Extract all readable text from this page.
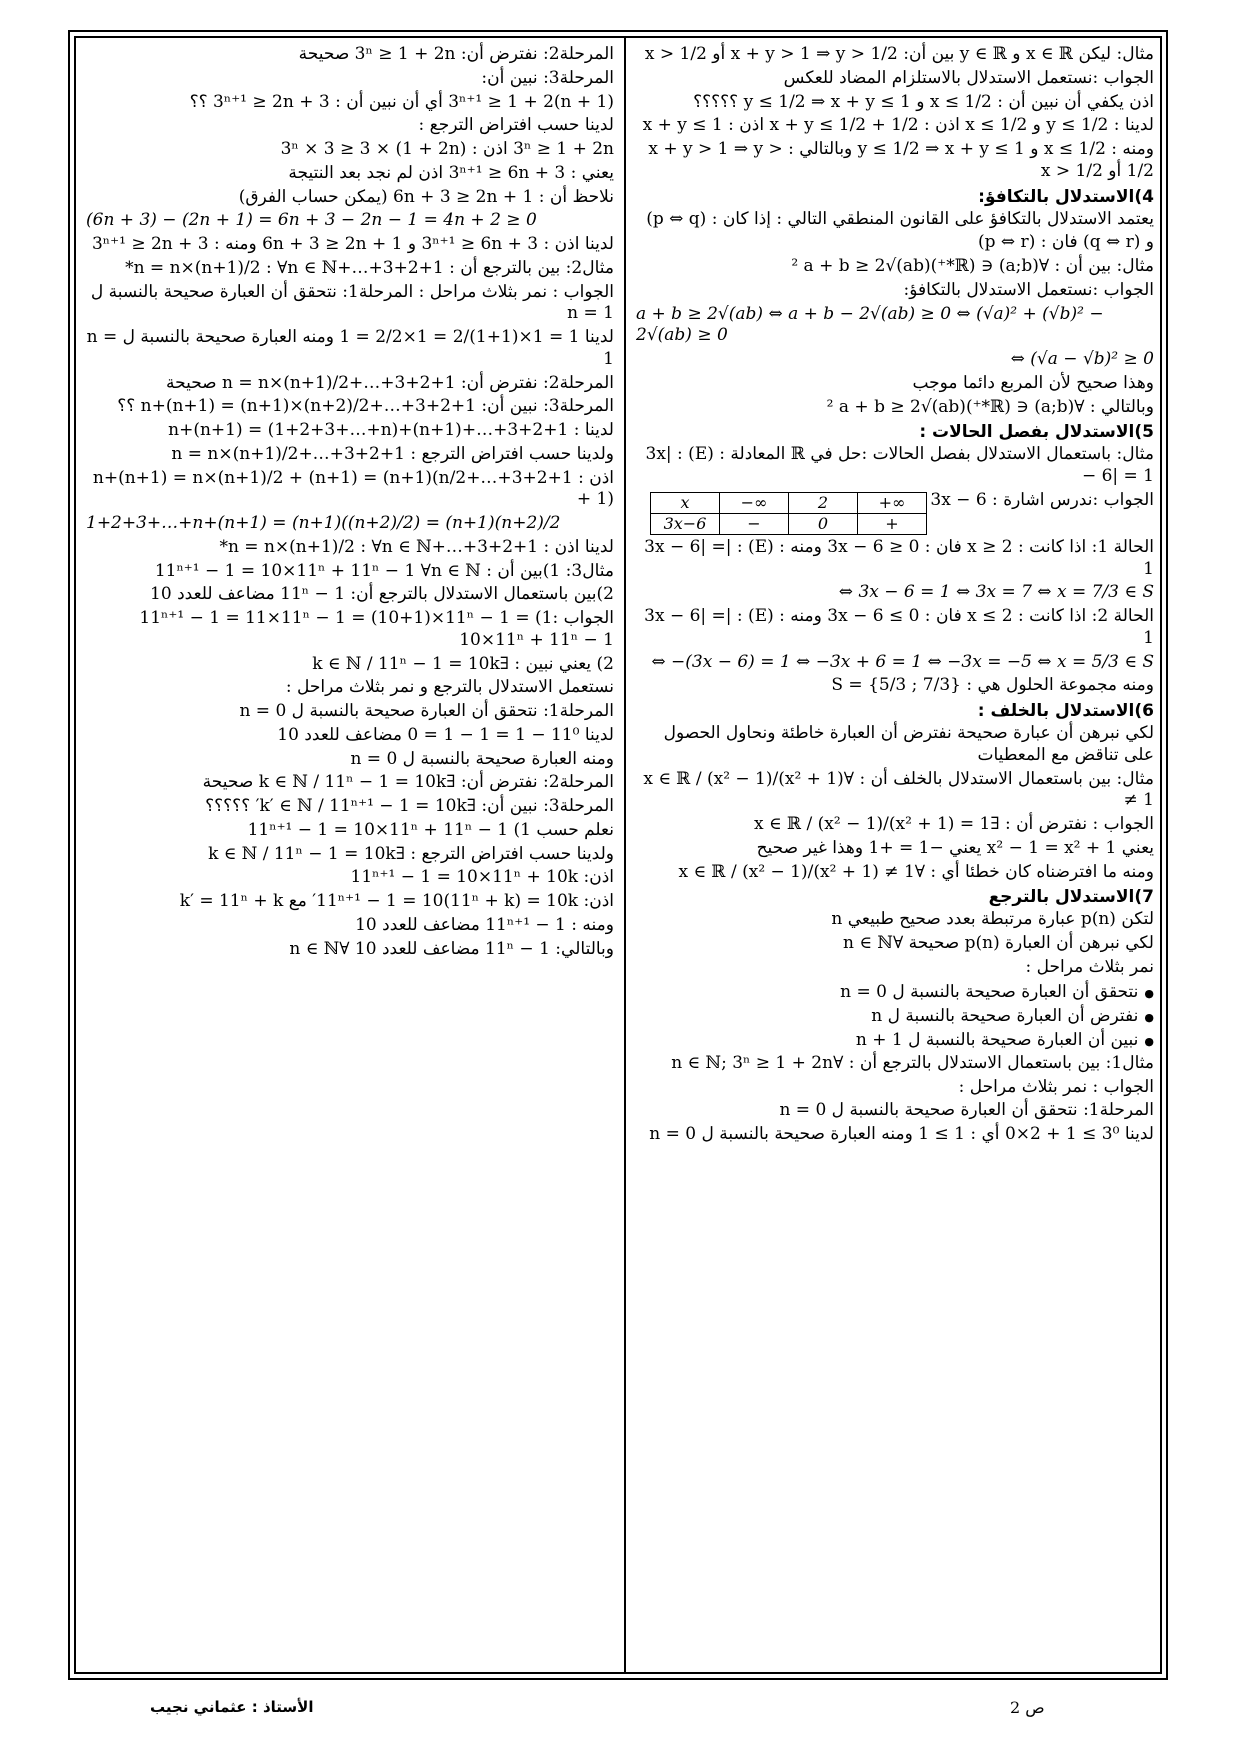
مثال: ليكن x ∈ ℝ و y ∈ ℝ بين أن: x + y > 1 ⇒ y > 1/2 أو x > 1/2
الجواب :نستعمل الاستدلال بالاستلزام المضاد للعكس
اذن يكفي أن نبين أن : x ≤ 1/2 و y ≤ 1/2 ⇒ x + y ≤ 1 ؟؟؟؟؟
لدينا : y ≤ 1/2 و x ≤ 1/2 اذن : x + y ≤ 1/2 + 1/2 اذن : x + y ≤ 1
ومنه : x ≤ 1/2 و y ≤ 1/2 ⇒ x + y ≤ 1 وبالتالي : x + y > 1 ⇒ y > 1/2 أو x > 1/2
4)الاستدلال بالتكافؤ:
يعتمد الاستدلال بالتكافؤ على القانون المنطقي التالي : إذا كان : (p ⇔ q)
و (q ⇔ r) فان : (p ⇔ r)
مثال: بين أن : ∀(a;b) ∈ (ℝ*⁺)² a + b ≥ 2√(ab)
الجواب :نستعمل الاستدلال بالتكافؤ:
a + b ≥ 2√(ab) ⇔ a + b − 2√(ab) ≥ 0 ⇔ (√a)² + (√b)² − 2√(ab) ≥ 0
⇔ (√a − √b)² ≥ 0
وهذا صحيح لأن المربع دائما موجب
وبالتالي : ∀(a;b) ∈ (ℝ*⁺)² a + b ≥ 2√(ab)
5)الاستدلال بفصل الحالات :
مثال: باستعمال الاستدلال بفصل الحالات :حل في ℝ المعادلة : (E) : |3x − 6| = 1
x	−∞	2	+∞
3x−6	−	0	+
الجواب :ندرس اشارة : 3x − 6
الحالة 1: اذا كانت : x ≥ 2 فان : 3x − 6 ≥ 0 ومنه : (E) : |3x − 6| = 1
⇔ 3x − 6 = 1 ⇔ 3x = 7 ⇔ x = 7/3 ∈ S
الحالة 2: اذا كانت : x ≤ 2 فان : 3x − 6 ≤ 0 ومنه : (E) : |3x − 6| = 1
⇔ −(3x − 6) = 1 ⇔ −3x + 6 = 1 ⇔ −3x = −5 ⇔ x = 5/3 ∈ S
ومنه مجموعة الحلول هي : S = {5/3 ; 7/3}
6)الاستدلال بالخلف :
لكي نبرهن أن عبارة صحيحة نفترض أن العبارة خاطئة ونحاول الحصول على تناقض مع المعطيات
مثال: بين باستعمال الاستدلال بالخلف أن : ∀x ∈ ℝ / (x² − 1)/(x² + 1) ≠ 1
الجواب : نفترض أن : ∃x ∈ ℝ / (x² − 1)/(x² + 1) = 1
يعني x² − 1 = x² + 1 يعني −1 = +1 وهذا غير صحيح
ومنه ما افترضناه كان خطئا أي : ∀x ∈ ℝ / (x² − 1)/(x² + 1) ≠ 1
7)الاستدلال بالترجع
لتكن p(n) عبارة مرتبطة بعدد صحيح طبيعي n
لكي نبرهن أن العبارة p(n) صحيحة ∀n ∈ ℕ
نمر بثلاث مراحل :
● نتحقق أن العبارة صحيحة بالنسبة ل n = 0
● نفترض أن العبارة صحيحة بالنسبة ل n
● نبين أن العبارة صحيحة بالنسبة ل n + 1
مثال1: بين باستعمال الاستدلال بالترجع أن : ∀n ∈ ℕ; 3ⁿ ≥ 1 + 2n
الجواب : نمر بثلاث مراحل :
المرحلة1: نتحقق أن العبارة صحيحة بالنسبة ل n = 0
لدينا 3⁰ ≥ 1 + 2×0 أي : 1 ≥ 1 ومنه العبارة صحيحة بالنسبة ل n = 0
المرحلة2: نفترض أن: 3ⁿ ≥ 1 + 2n صحيحة
المرحلة3: نبين أن:
3ⁿ⁺¹ ≥ 1 + 2(n + 1) أي أن نبين أن : 3ⁿ⁺¹ ≥ 2n + 3 ؟؟
لدينا حسب افتراض الترجع :
3ⁿ ≥ 1 + 2n اذن : 3ⁿ × 3 ≥ 3 × (1 + 2n)
يعني : 3ⁿ⁺¹ ≥ 6n + 3 اذن لم نجد بعد النتيجة
نلاحظ أن : 6n + 3 ≥ 2n + 1 (يمكن حساب الفرق)
(6n + 3) − (2n + 1) = 6n + 3 − 2n − 1 = 4n + 2 ≥ 0
لدينا اذن : 3ⁿ⁺¹ ≥ 6n + 3 و 6n + 3 ≥ 2n + 1 ومنه : 3ⁿ⁺¹ ≥ 2n + 3
مثال2: بين بالترجع أن : 1+2+3+…+n = n×(n+1)/2 : ∀n ∈ ℕ*
الجواب : نمر بثلاث مراحل : المرحلة1: نتحقق أن العبارة صحيحة بالنسبة ل n = 1
لدينا 1 = 1×(1+1)/2 = 1×2/2 = 1 ومنه العبارة صحيحة بالنسبة ل n = 1
المرحلة2: نفترض أن: 1+2+3+…+n = n×(n+1)/2 صحيحة
المرحلة3: نبين أن: 1+2+3+…+n+(n+1) = (n+1)×(n+2)/2 ؟؟
لدينا : 1+2+3+…+n+(n+1) = (1+2+3+…+n)+(n+1)
ولدينا حسب افتراض الترجع : 1+2+3+…+n = n×(n+1)/2
اذن : 1+2+3+…+n+(n+1) = n×(n+1)/2 + (n+1) = (n+1)(n/2 + 1)
1+2+3+…+n+(n+1) = (n+1)((n+2)/2) = (n+1)(n+2)/2
لدينا اذن : 1+2+3+…+n = n×(n+1)/2 : ∀n ∈ ℕ*
مثال3: 1)بين أن : 11ⁿ⁺¹ − 1 = 10×11ⁿ + 11ⁿ − 1 ∀n ∈ ℕ
2)بين باستعمال الاستدلال بالترجع أن: 11ⁿ − 1 مضاعف للعدد 10
الجواب :1) 11ⁿ⁺¹ − 1 = 11×11ⁿ − 1 = (10+1)×11ⁿ − 1 = 10×11ⁿ + 11ⁿ − 1
2) يعني نبين : ∃k ∈ ℕ / 11ⁿ − 1 = 10k
نستعمل الاستدلال بالترجع و نمر بثلاث مراحل :
المرحلة1: نتحقق أن العبارة صحيحة بالنسبة ل n = 0
لدينا 11⁰ − 1 = 1 − 1 = 0 مضاعف للعدد 10
ومنه العبارة صحيحة بالنسبة ل n = 0
المرحلة2: نفترض أن: ∃k ∈ ℕ / 11ⁿ − 1 = 10k صحيحة
المرحلة3: نبين أن: ∃k′ ∈ ℕ / 11ⁿ⁺¹ − 1 = 10k′ ؟؟؟؟؟
نعلم حسب 1) 11ⁿ⁺¹ − 1 = 10×11ⁿ + 11ⁿ − 1
ولدينا حسب افتراض الترجع : ∃k ∈ ℕ / 11ⁿ − 1 = 10k
اذن: 11ⁿ⁺¹ − 1 = 10×11ⁿ + 10k
اذن: 11ⁿ⁺¹ − 1 = 10(11ⁿ + k) = 10k′ مع k′ = 11ⁿ + k
ومنه : 11ⁿ⁺¹ − 1 مضاعف للعدد 10
وبالتالي: 11ⁿ − 1 مضاعف للعدد 10 ∀n ∈ ℕ
الأستاذ : عثماني نجيب	ص 2
